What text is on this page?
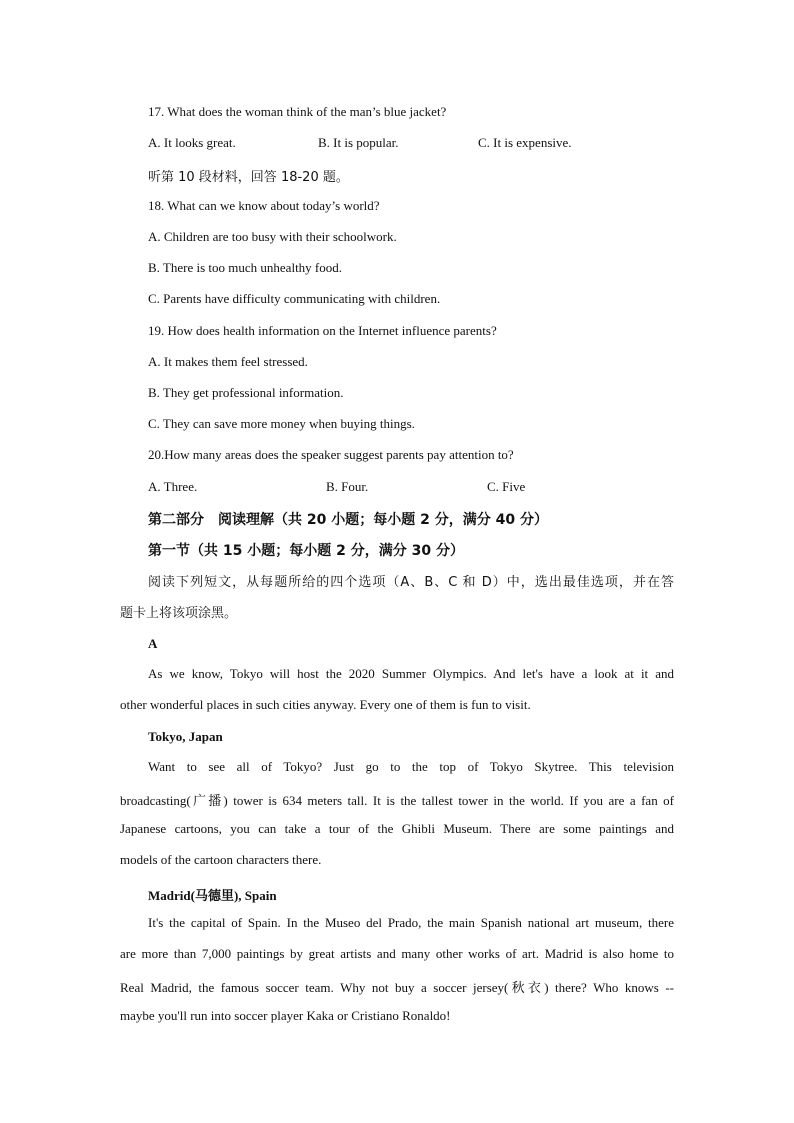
17. What does the woman think of the man’s blue jacket?
A. It looks great.	B. It is popular.	C. It is expensive.
听第 10 段材料，回答 18-20 题。
18. What can we know about today’s world?
A. Children are too busy with their schoolwork.
B. There is too much unhealthy food.
C. Parents have difficulty communicating with children.
19. How does health information on the Internet influence parents?
A. It makes them feel stressed.
B. They get professional information.
C. They can save more money when buying things.
20.How many areas does the speaker suggest parents pay attention to?
A. Three.	B. Four.	C. Five
第二部分　阅读理解（共 20 小题；每小题 2 分，满分 40 分）
第一节（共 15 小题；每小题 2 分，满分 30 分）
阅读下列短文，从每题所给的四个选项（A、B、C 和 D）中，选出最佳选项，并在答
题卡上将该项涂黑。
A
As we know, Tokyo will host the 2020 Summer Olympics. And let's have a look at it and
other wonderful places in such cities anyway. Every one of them is fun to visit.
Tokyo, Japan
Want to see all of Tokyo? Just go to the top of Tokyo Skytree. This television
broadcasting(广播) tower is 634 meters tall. It is the tallest tower in the world. If you are a fan of
Japanese cartoons, you can take a tour of the Ghibli Museum. There are some paintings and
models of the cartoon characters there.
Madrid(马德里), Spain
It's the capital of Spain. In the Museo del Prado, the main Spanish national art museum, there
are more than 7,000 paintings by great artists and many other works of art. Madrid is also home to
Real Madrid, the famous soccer team. Why not buy a soccer jersey(秋衣) there? Who knows --
maybe you'll run into soccer player Kaka or Cristiano Ronaldo!
